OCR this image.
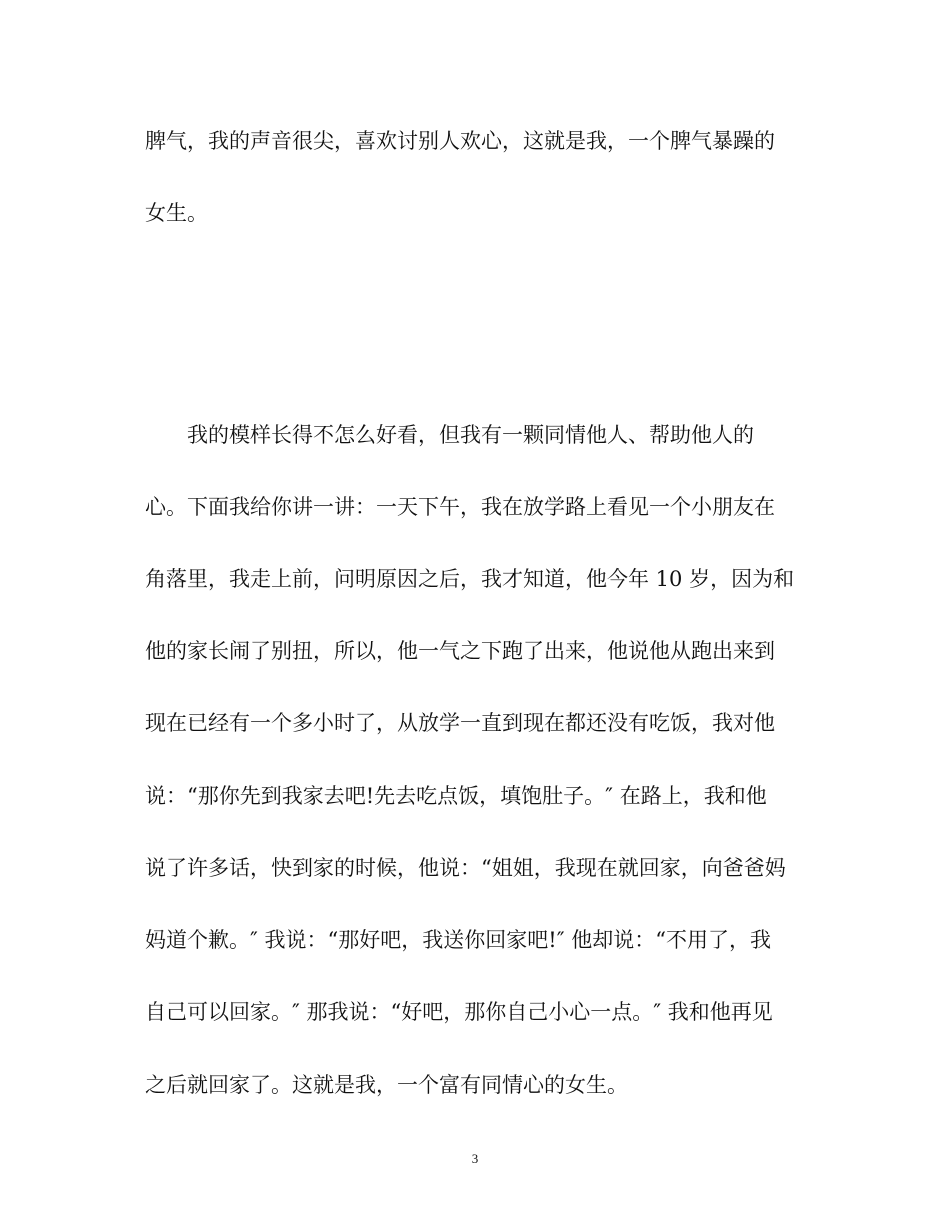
脾气，我的声音很尖，喜欢讨别人欢心，这就是我，一个脾气暴躁的
女生。
我的模样长得不怎么好看，但我有一颗同情他人、帮助他人的
心。下面我给你讲一讲：一天下午，我在放学路上看见一个小朋友在
角落里，我走上前，问明原因之后，我才知道，他今年 10 岁，因为和
他的家长闹了别扭，所以，他一气之下跑了出来，他说他从跑出来到
现在已经有一个多小时了，从放学一直到现在都还没有吃饭，我对他
说：“那你先到我家去吧!先去吃点饭，填饱肚子。″ 在路上，我和他
说了许多话，快到家的时候，他说：“姐姐，我现在就回家，向爸爸妈
妈道个歉。″ 我说：“那好吧，我送你回家吧!″ 他却说：“不用了，我
自己可以回家。″ 那我说：“好吧，那你自己小心一点。″ 我和他再见
之后就回家了。这就是我，一个富有同情心的女生。
3
